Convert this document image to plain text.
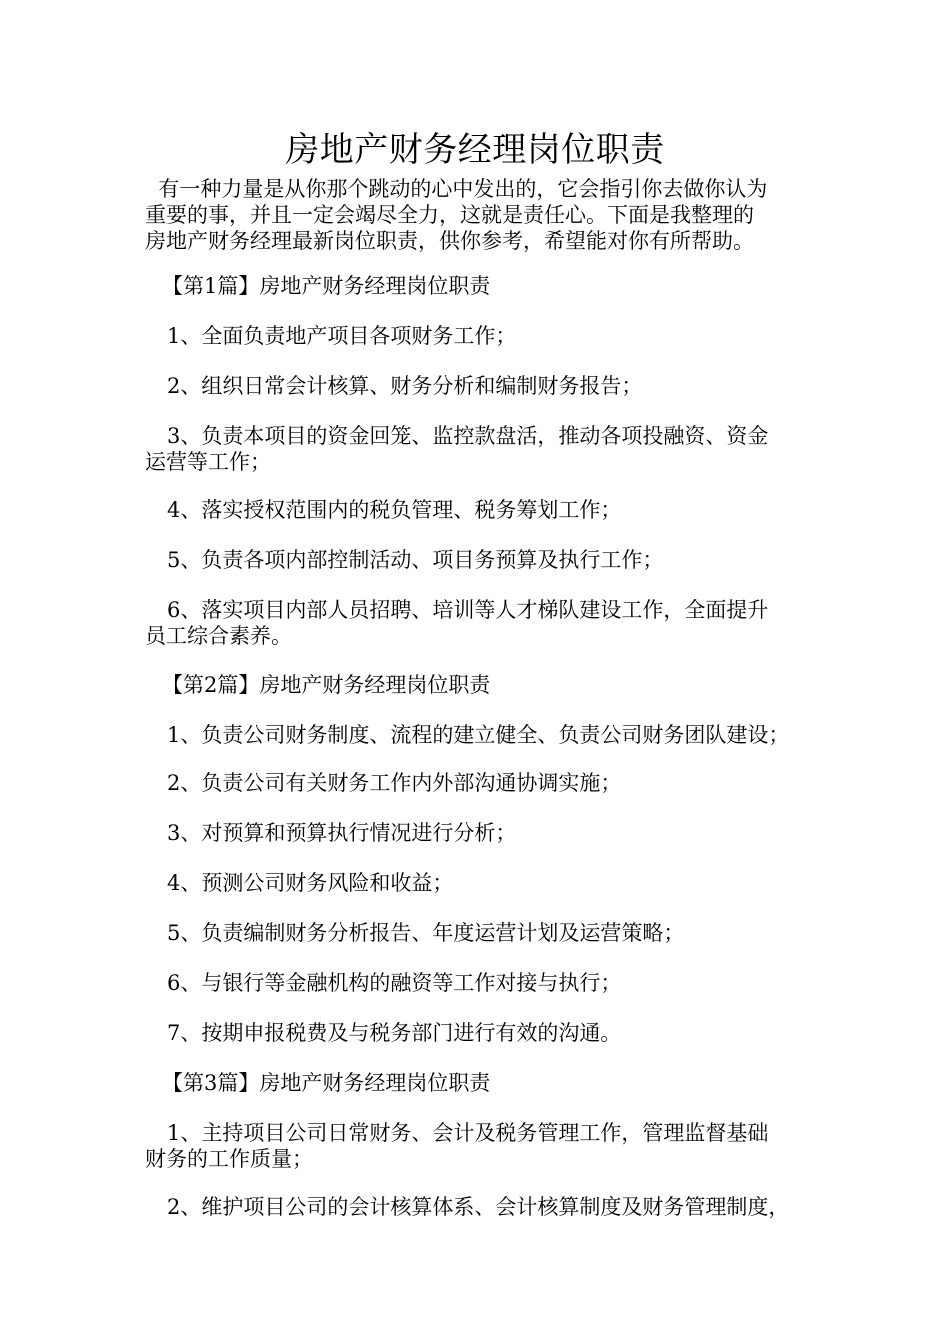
房地产财务经理岗位职责
有一种力量是从你那个跳动的心中发出的，它会指引你去做你认为
重要的事，并且一定会竭尽全力，这就是责任心。下面是我整理的
房地产财务经理最新岗位职责，供你参考，希望能对你有所帮助。
【第1篇】房地产财务经理岗位职责
1、全面负责地产项目各项财务工作；
2、组织日常会计核算、财务分析和编制财务报告；
3、负责本项目的资金回笼、监控款盘活，推动各项投融资、资金
运营等工作；
4、落实授权范围内的税负管理、税务筹划工作；
5、负责各项内部控制活动、项目务预算及执行工作；
6、落实项目内部人员招聘、培训等人才梯队建设工作，全面提升
员工综合素养。
【第2篇】房地产财务经理岗位职责
1、负责公司财务制度、流程的建立健全、负责公司财务团队建设；
2、负责公司有关财务工作内外部沟通协调实施；
3、对预算和预算执行情况进行分析；
4、预测公司财务风险和收益；
5、负责编制财务分析报告、年度运营计划及运营策略；
6、与银行等金融机构的融资等工作对接与执行；
7、按期申报税费及与税务部门进行有效的沟通。
【第3篇】房地产财务经理岗位职责
1、主持项目公司日常财务、会计及税务管理工作，管理监督基础
财务的工作质量；
2、维护项目公司的会计核算体系、会计核算制度及财务管理制度，
